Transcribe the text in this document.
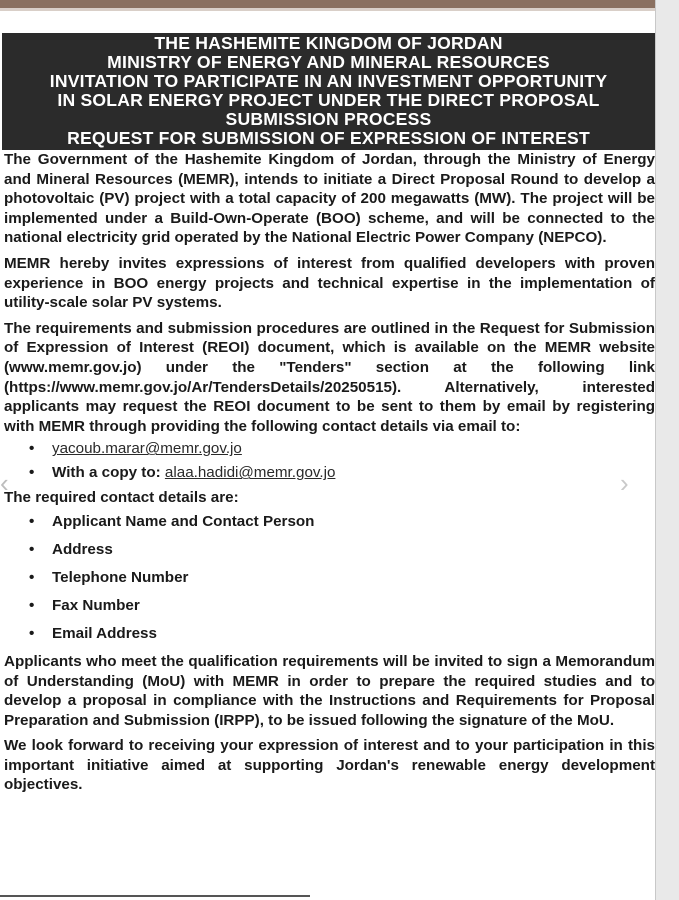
THE HASHEMITE KINGDOM OF JORDAN
MINISTRY OF ENERGY AND MINERAL RESOURCES
INVITATION TO PARTICIPATE IN AN INVESTMENT OPPORTUNITY
IN SOLAR ENERGY PROJECT UNDER THE DIRECT PROPOSAL
SUBMISSION PROCESS
REQUEST FOR SUBMISSION OF EXPRESSION OF INTEREST

The Government of the Hashemite Kingdom of Jordan, through the Ministry of Energy and Mineral Resources (MEMR), intends to initiate a Direct Proposal Round to develop a photovoltaic (PV) project with a total capacity of 200 megawatts (MW). The project will be implemented under a Build-Own-Operate (BOO) scheme, and will be connected to the national electricity grid operated by the National Electric Power Company (NEPCO).

MEMR hereby invites expressions of interest from qualified developers with proven experience in BOO energy projects and technical expertise in the implementation of utility-scale solar PV systems.

The requirements and submission procedures are outlined in the Request for Submission of Expression of Interest (REOI) document, which is available on the MEMR website (www.memr.gov.jo) under the "Tenders" section at the following link (https://www.memr.gov.jo/Ar/TendersDetails/20250515). Alternatively, interested applicants may request the REOI document to be sent to them by email by registering with MEMR through providing the following contact details via email to:

• yacoub.marar@memr.gov.jo
• With a copy to: alaa.hadidi@memr.gov.jo

The required contact details are:

• Applicant Name and Contact Person
• Address
• Telephone Number
• Fax Number
• Email Address

Applicants who meet the qualification requirements will be invited to sign a Memorandum of Understanding (MoU) with MEMR in order to prepare the required studies and to develop a proposal in compliance with the Instructions and Requirements for Proposal Preparation and Submission (IRPP), to be issued following the signature of the MoU.

We look forward to receiving your expression of interest and to your participation in this important initiative aimed at supporting Jordan's renewable energy development objectives.

‹	›
